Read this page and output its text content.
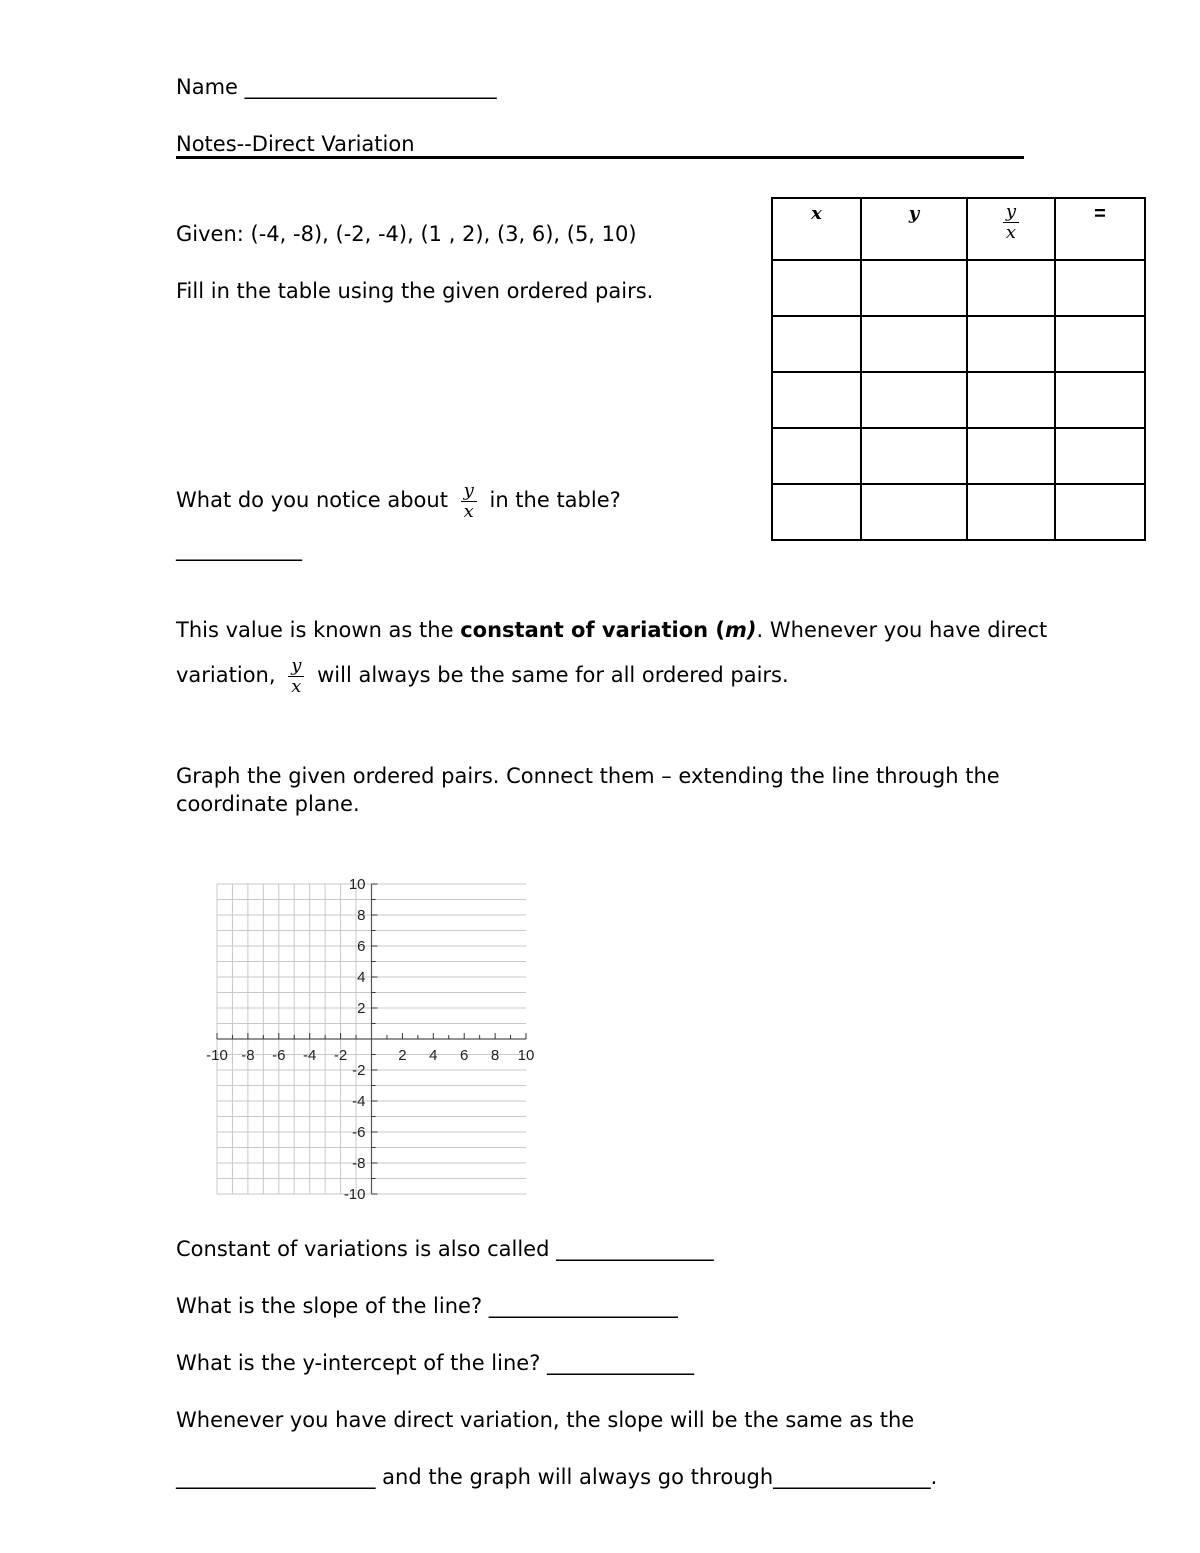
Name ________________________
Notes--Direct Variation
Given: (-4, -8), (-2, -4), (1 , 2), (3, 6), (5, 10)
Fill in the table using the given ordered pairs.
What do you notice about $\frac{y}{x}$ in the table?
____________
x	y	$\frac{y}{x}$	=

This value is known as the constant of variation (m). Whenever you have direct
variation, $\frac{y}{x}$ will always be the same for all ordered pairs.
Graph the given ordered pairs. Connect them – extending the line through the
coordinate plane.
-10 -8 -6 -4 -2	2 4 6 8 10
10
8
6
4
2
-2
-4
-6
-8
-10
Constant of variations is also called _______________
What is the slope of the line? __________________
What is the y-intercept of the line? ______________
Whenever you have direct variation, the slope will be the same as the
___________________ and the graph will always go through_______________.
